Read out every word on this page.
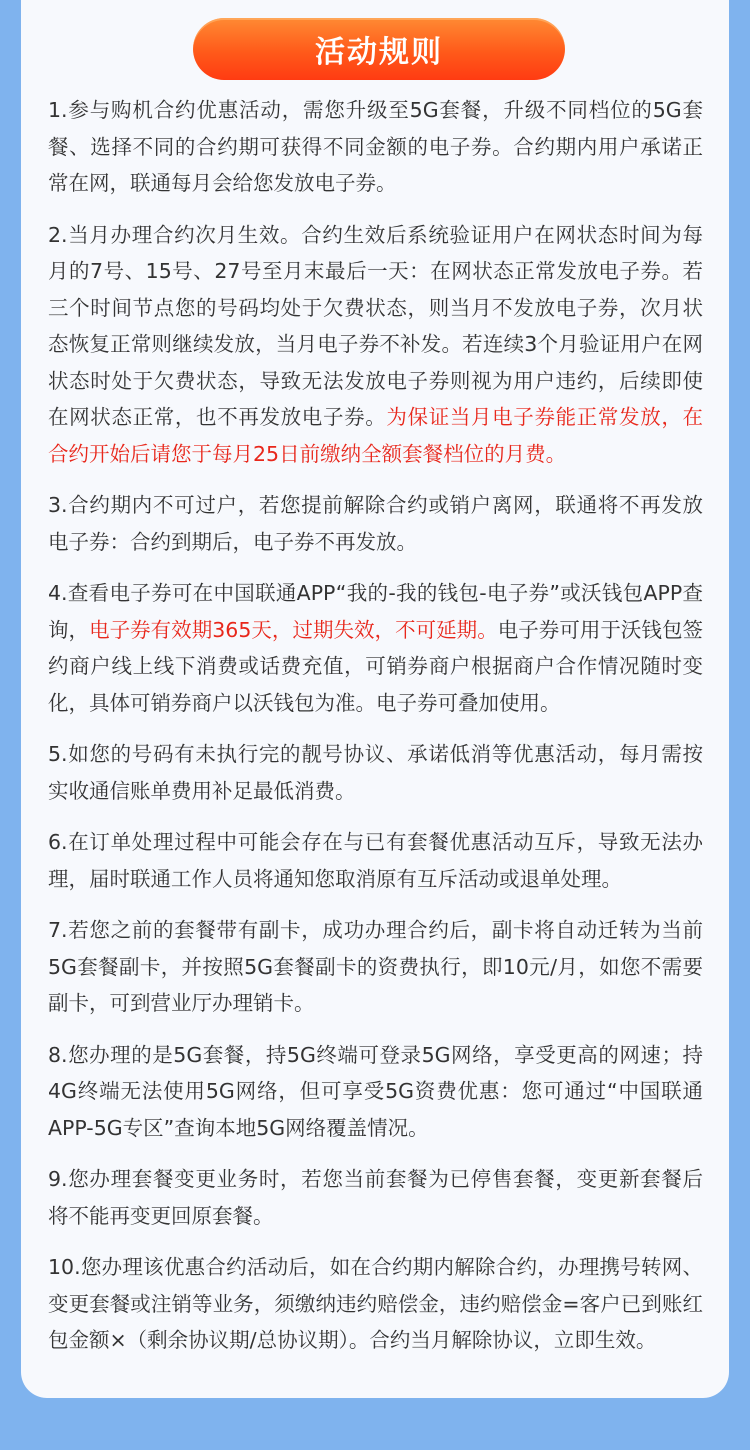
1.参与购机合约优惠活动，需您升级至5G套餐，升级不同档位的5G套餐、选择不同的合约期可获得不同金额的电子券。合约期内用户承诺正常在网，联通每月会给您发放电子券。

2.当月办理合约次月生效。合约生效后系统验证用户在网状态时间为每月的7号、15号、27号至月末最后一天：在网状态正常发放电子券。若三个时间节点您的号码均处于欠费状态，则当月不发放电子券，次月状态恢复正常则继续发放，当月电子券不补发。若连续3个月验证用户在网状态时处于欠费状态，导致无法发放电子券则视为用户违约，后续即使在网状态正常，也不再发放电子券。为保证当月电子券能正常发放，在合约开始后请您于每月25日前缴纳全额套餐档位的月费。

3.合约期内不可过户，若您提前解除合约或销户离网，联通将不再发放电子券：合约到期后，电子券不再发放。

4.查看电子券可在中国联通APP“我的-我的钱包-电子券”或沃钱包APP查询，电子券有效期365天，过期失效，不可延期。电子券可用于沃钱包签约商户线上线下消费或话费充值，可销券商户根据商户合作情况随时变化，具体可销券商户以沃钱包为准。电子券可叠加使用。

5.如您的号码有未执行完的靓号协议、承诺低消等优惠活动，每月需按实收通信账单费用补足最低消费。

6.在订单处理过程中可能会存在与已有套餐优惠活动互斥，导致无法办理，届时联通工作人员将通知您取消原有互斥活动或退单处理。

7.若您之前的套餐带有副卡，成功办理合约后，副卡将自动迁转为当前5G套餐副卡，并按照5G套餐副卡的资费执行，即10元/月，如您不需要副卡，可到营业厅办理销卡。

8.您办理的是5G套餐，持5G终端可登录5G网络，享受更高的网速；持4G终端无法使用5G网络，但可享受5G资费优惠：您可通过“中国联通APP-5G专区”查询本地5G网络覆盖情况。

9.您办理套餐变更业务时，若您当前套餐为已停售套餐，变更新套餐后将不能再变更回原套餐。

10.您办理该优惠合约活动后，如在合约期内解除合约，办理携号转网、变更套餐或注销等业务，须缴纳违约赔偿金，违约赔偿金=客户已到账红包金额×（剩余协议期/总协议期）。合约当月解除协议，立即生效。

活动规则
